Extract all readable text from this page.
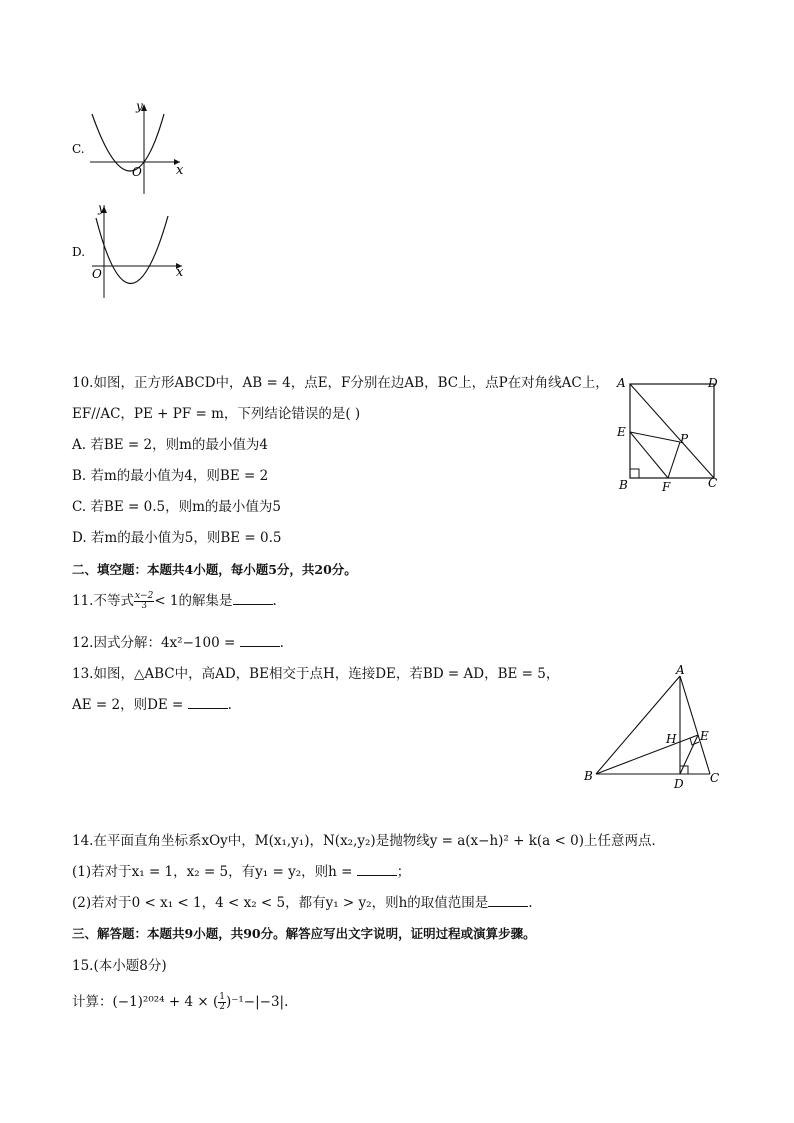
C.
x
y
O
D.
x
y
O
10.如图，正方形ABCD中，AB = 4，点E，F分别在边AB，BC上，点P在对角线AC上，
EF//AC，PE + PF = m，下列结论错误的是( )
A. 若BE = 2，则m的最小值为4
B. 若m的最小值为4，则BE = 2
C. 若BE = 0.5，则m的最小值为5
D. 若m的最小值为5，则BE = 0.5
A	D
E	P
B	F	C
二、填空题：本题共4小题，每小题5分，共20分。
11.不等式 $\frac{x-2}{3} < 1$的解集是	.
12.因式分解：4x²−100 =	.
13.如图，△ABC中，高AD，BE相交于点H，连接DE，若BD = AD，BE = 5，
AE = 2，则DE =	.
A
H E
B
D C
14.在平面直角坐标系xOy中，M(x₁,y₁)，N(x₂,y₂)是抛物线y = a(x−h)² + k(a < 0)上任意两点．
(1)若对于x₁ = 1，x₂ = 5，有y₁ = y₂，则h =	；
(2)若对于0 < x₁ < 1，4 < x₂ < 5，都有y₁ > y₂，则h的取值范围是	.
三、解答题：本题共9小题，共90分。解答应写出文字说明，证明过程或演算步骤。
15.(本小题8分)
计算：(−1)²⁰²⁴ + 4 × ( $\frac{1}{2} )^{-1}-|-3|$.
